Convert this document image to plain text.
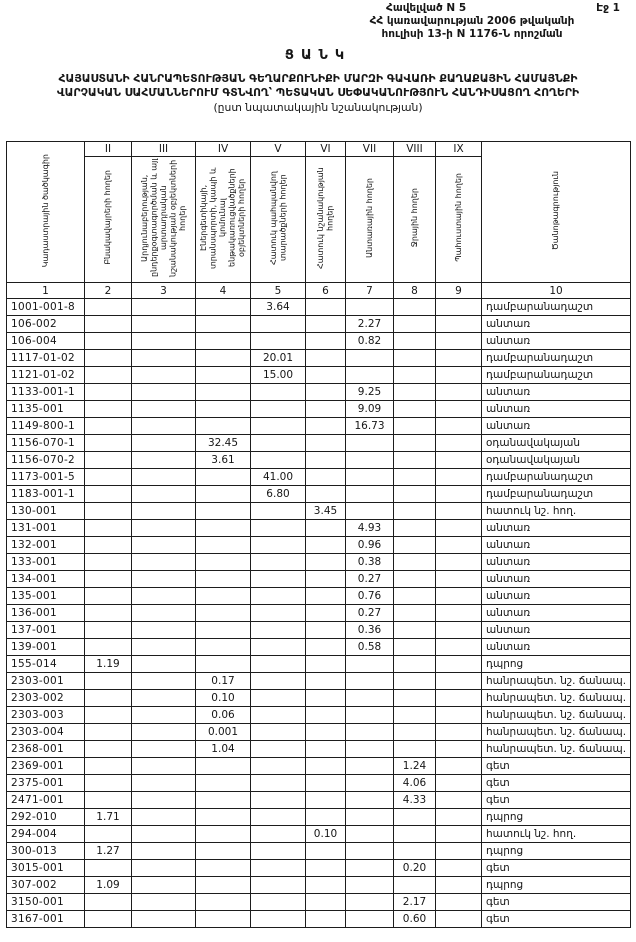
Հավելված N 5	Էջ 1
ՀՀ կառավարության 2006 թվականի
հուլիսի 13-ի N 1176-Ն որոշման
ՑԱՆԿ
ՀԱՅԱՍՏԱՆԻ ՀԱՆՐԱՊԵՏՈՒԹՅԱՆ ԳԵՂԱՐՔՈՒՆԻՔԻ ՄԱՐԶԻ ԳԱՎԱՌԻ ՔԱՂԱՔԱՅԻՆ ՀԱՄԱՅՆՔԻ
ՎԱՐՉԱԿԱՆ ՍԱՀՄԱՆՆԵՐՈՒՄ ԳՏՆՎՈՂ՝ ՊԵՏԱԿԱՆ ՍԵՓԱԿԱՆՈՒԹՅՈՒՆ ՀԱՆԴԻՍԱՑՈՂ ՀՈՂԵՐԻ
(ըստ նպատակային նշանակության)
Կադաստրային ծածկագիր	II	III	IV	V	VI	VII	VIII	IX	Ծանոթագրություն
	Բնակավայրերի հողեր	Արդյունաբերության, ընդերքօգտագործման և այլ արտադրական նշանակության օբյեկտների հողեր	Էներգետիկայի, տրանսպորտի, կապի և կոմունալ ենթակառուցվածքների օբյեկտների հողեր	Հատուկ պահպանվող տարածքների հողեր	Հատուկ նշանակության հողեր	Անտառային հողեր	Ջրային հողեր	Պահուստային հողեր	
1	2	3	4	5	6	7	8	9	10
1001-001-8				3.64					դամբարանադաշտ
106-002						2.27			անտառ
106-004						0.82			անտառ
1117-01-02				20.01					դամբարանադաշտ
1121-01-02				15.00					դամբարանադաշտ
1133-001-1						9.25			անտառ
1135-001						9.09			անտառ
1149-800-1						16.73			անտառ
1156-070-1			32.45						օդանավակայան
1156-070-2			3.61						օդանավակայան
1173-001-5				41.00					դամբարանադաշտ
1183-001-1				6.80					դամբարանադաշտ
130-001					3.45				հատուկ նշ. հող.
131-001						4.93			անտառ
132-001						0.96			անտառ
133-001						0.38			անտառ
134-001						0.27			անտառ
135-001						0.76			անտառ
136-001						0.27			անտառ
137-001						0.36			անտառ
139-001						0.58			անտառ
155-014	1.19								դպրոց
2303-001			0.17						հանրապետ. նշ. ճանապ.
2303-002			0.10						հանրապետ. նշ. ճանապ.
2303-003			0.06						հանրապետ. նշ. ճանապ.
2303-004			0.001						հանրապետ. նշ. ճանապ.
2368-001			1.04						հանրապետ. նշ. ճանապ.
2369-001							1.24		գետ
2375-001							4.06		գետ
2471-001							4.33		գետ
292-010	1.71								դպրոց
294-004					0.10				հատուկ նշ. հող.
300-013	1.27								դպրոց
3015-001							0.20		գետ
307-002	1.09								դպրոց
3150-001							2.17		գետ
3167-001							0.60		գետ
